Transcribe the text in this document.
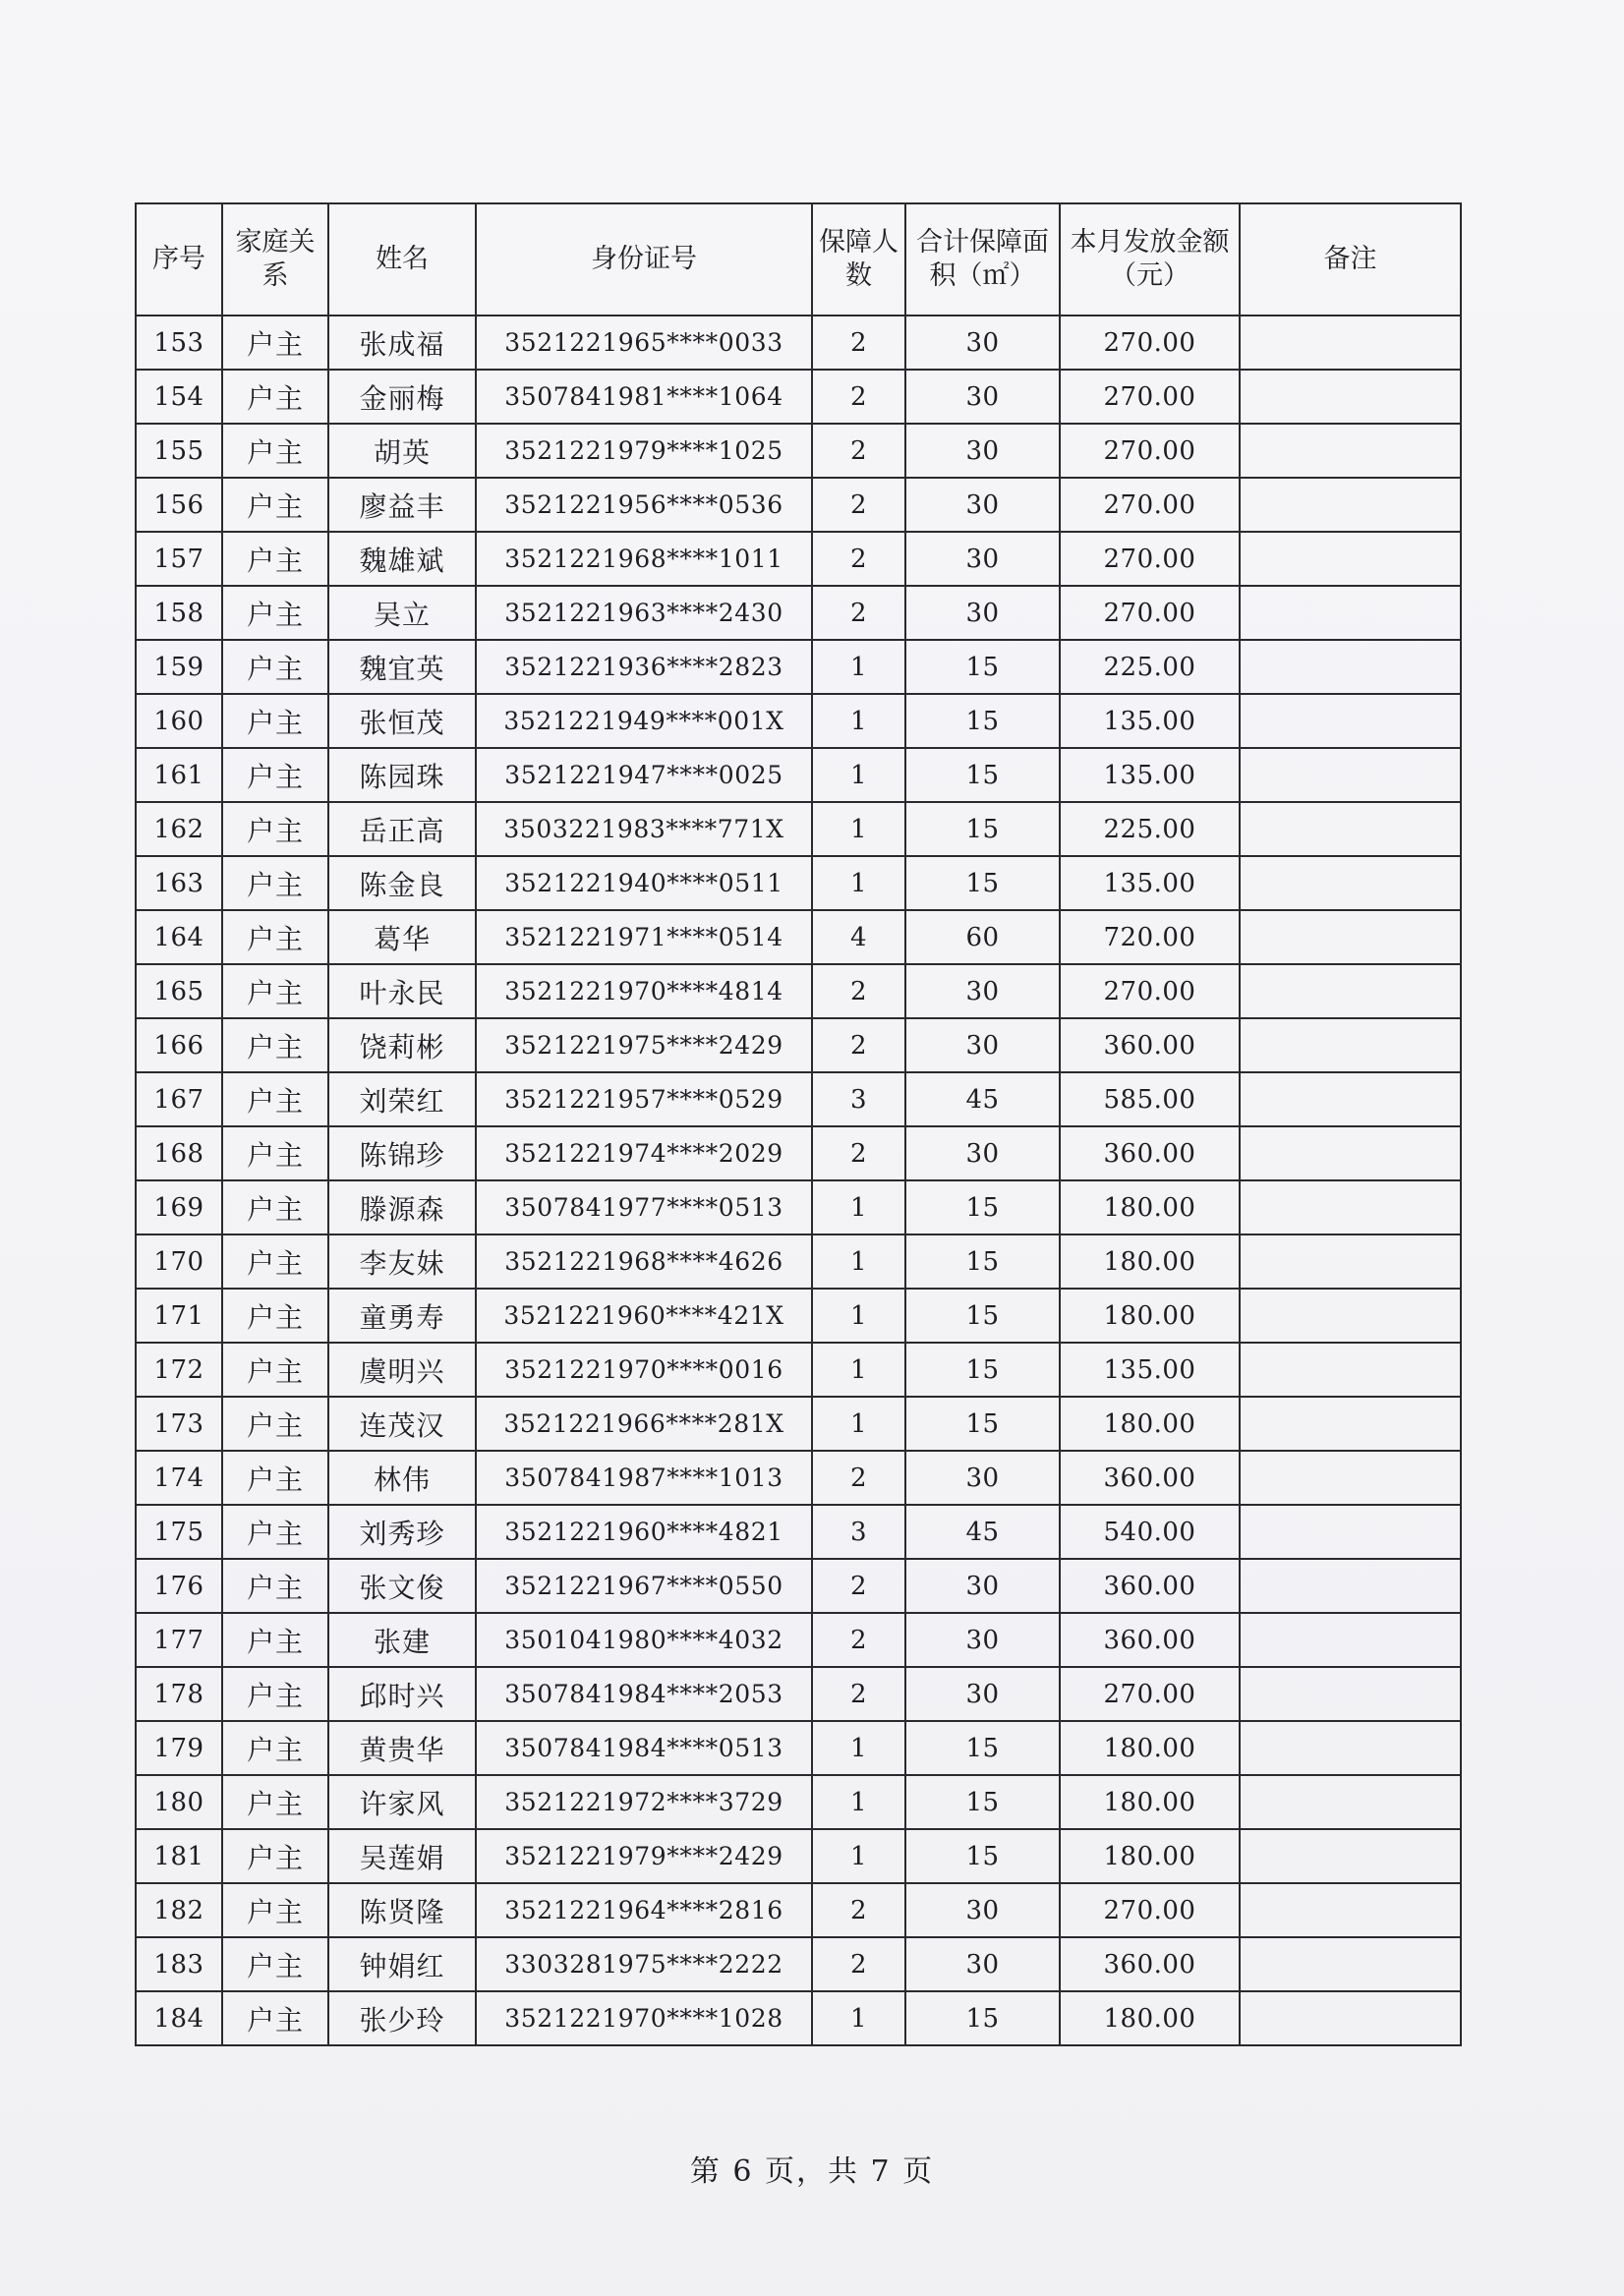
序号	家庭关系	姓名	身份证号	保障人数	合计保障面积（㎡）	本月发放金额（元）	备注
153	户主	张成福	3521221965****0033	2	30	270.00	
154	户主	金丽梅	3507841981****1064	2	30	270.00	
155	户主	胡英	3521221979****1025	2	30	270.00	
156	户主	廖益丰	3521221956****0536	2	30	270.00	
157	户主	魏雄斌	3521221968****1011	2	30	270.00	
158	户主	吴立	3521221963****2430	2	30	270.00	
159	户主	魏宜英	3521221936****2823	1	15	225.00	
160	户主	张恒茂	3521221949****001X	1	15	135.00	
161	户主	陈园珠	3521221947****0025	1	15	135.00	
162	户主	岳正高	3503221983****771X	1	15	225.00	
163	户主	陈金良	3521221940****0511	1	15	135.00	
164	户主	葛华	3521221971****0514	4	60	720.00	
165	户主	叶永民	3521221970****4814	2	30	270.00	
166	户主	饶莉彬	3521221975****2429	2	30	360.00	
167	户主	刘荣红	3521221957****0529	3	45	585.00	
168	户主	陈锦珍	3521221974****2029	2	30	360.00	
169	户主	滕源森	3507841977****0513	1	15	180.00	
170	户主	李友妹	3521221968****4626	1	15	180.00	
171	户主	童勇寿	3521221960****421X	1	15	180.00	
172	户主	虞明兴	3521221970****0016	1	15	135.00	
173	户主	连茂汉	3521221966****281X	1	15	180.00	
174	户主	林伟	3507841987****1013	2	30	360.00	
175	户主	刘秀珍	3521221960****4821	3	45	540.00	
176	户主	张文俊	3521221967****0550	2	30	360.00	
177	户主	张建	3501041980****4032	2	30	360.00	
178	户主	邱时兴	3507841984****2053	2	30	270.00	
179	户主	黄贵华	3507841984****0513	1	15	180.00	
180	户主	许家风	3521221972****3729	1	15	180.00	
181	户主	吴莲娟	3521221979****2429	1	15	180.00	
182	户主	陈贤隆	3521221964****2816	2	30	270.00	
183	户主	钟娟红	3303281975****2222	2	30	360.00	
184	户主	张少玲	3521221970****1028	1	15	180.00	
第 6 页，共 7 页
